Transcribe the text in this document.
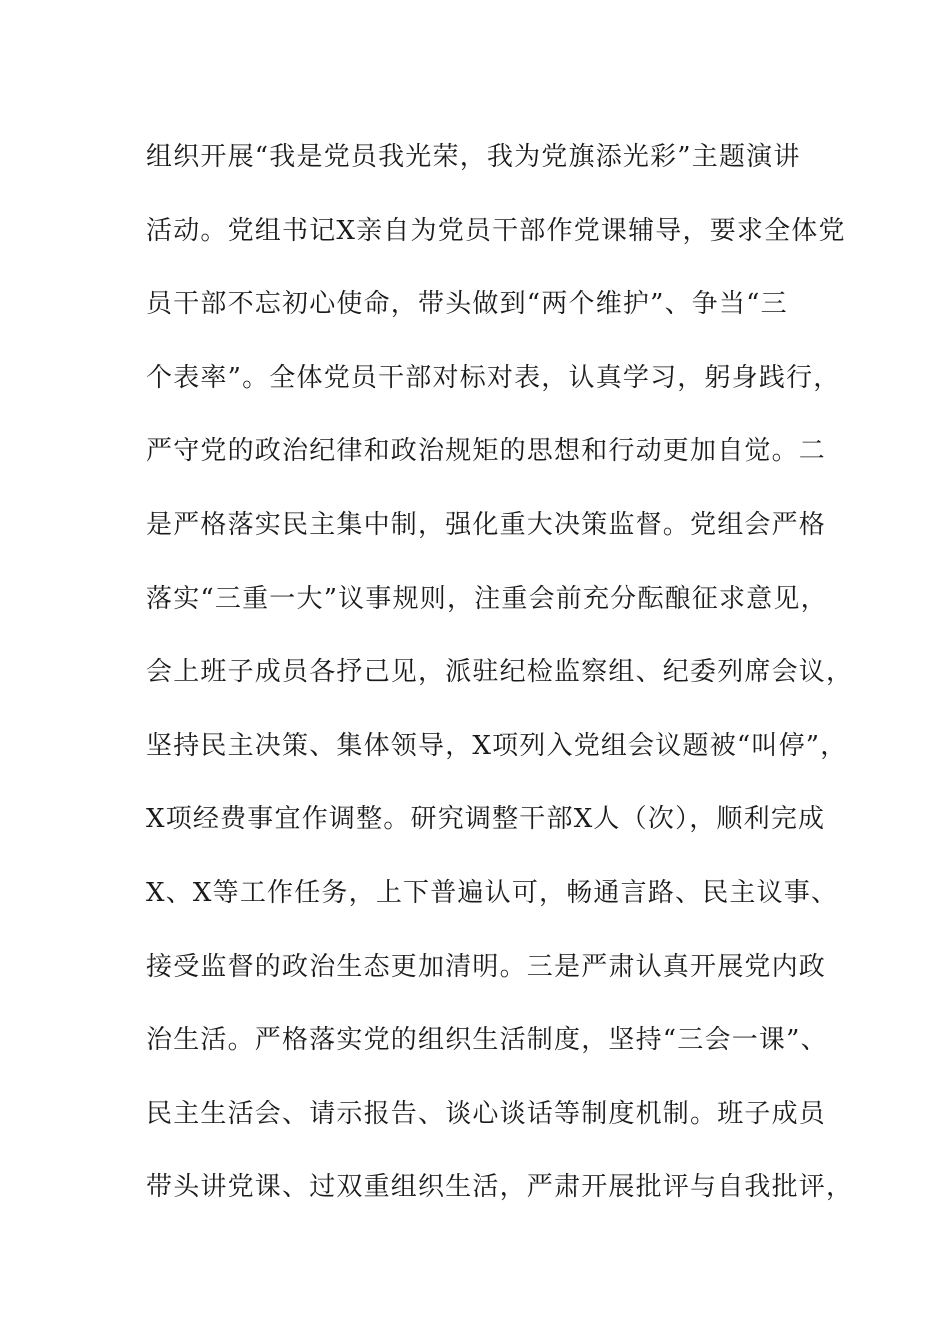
组织开展“我是党员我光荣，我为党旗添光彩”主题演讲
活动。党组书记X亲自为党员干部作党课辅导，要求全体党
员干部不忘初心使命，带头做到“两个维护”、争当“三
个表率”。全体党员干部对标对表，认真学习，躬身践行，
严守党的政治纪律和政治规矩的思想和行动更加自觉。二
是严格落实民主集中制，强化重大决策监督。党组会严格
落实“三重一大”议事规则，注重会前充分酝酿征求意见，
会上班子成员各抒己见，派驻纪检监察组、纪委列席会议，
坚持民主决策、集体领导，X项列入党组会议题被“叫停”，
X项经费事宜作调整。研究调整干部X人（次），顺利完成
X、X等工作任务，上下普遍认可，畅通言路、民主议事、
接受监督的政治生态更加清明。三是严肃认真开展党内政
治生活。严格落实党的组织生活制度，坚持“三会一课”、
民主生活会、请示报告、谈心谈话等制度机制。班子成员
带头讲党课、过双重组织生活，严肃开展批评与自我批评，
